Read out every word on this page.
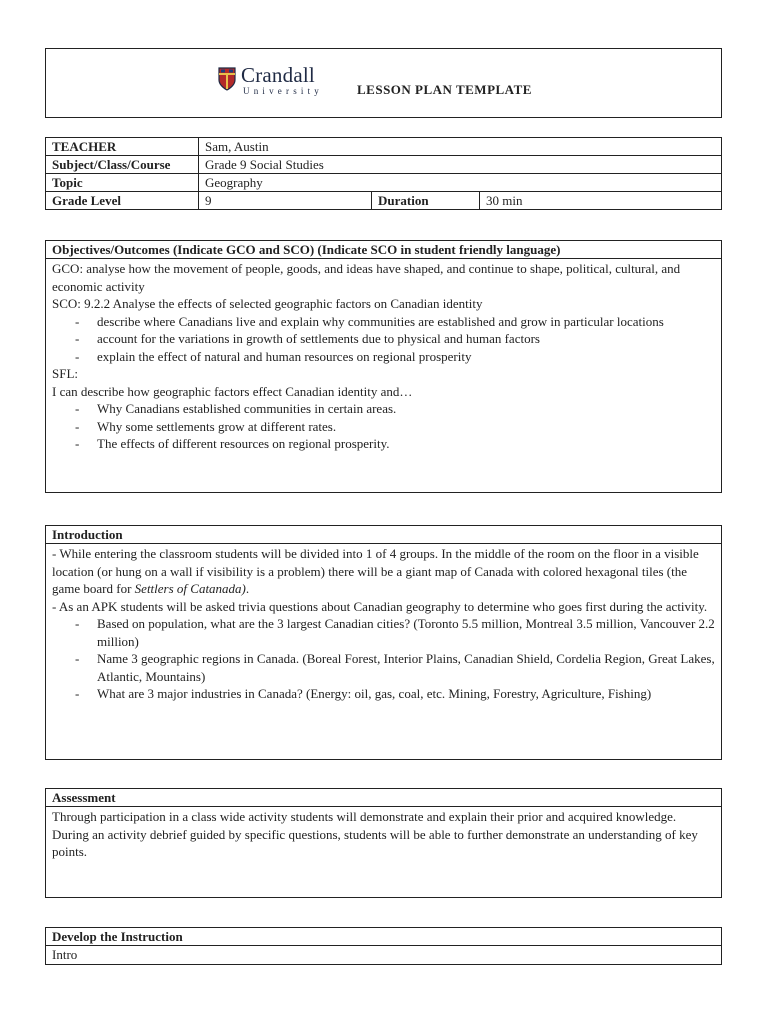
Crandall
University	LESSON PLAN TEMPLATE
TEACHER	Sam, Austin		
Subject/Class/Course	Grade 9 Social Studies		
Topic	Geography		
Grade Level	9	Duration	30 min
Objectives/Outcomes (Indicate GCO and SCO) (Indicate SCO in student friendly language)

GCO: analyse how the movement of people, goods, and ideas have shaped, and continue to shape, political, cultural, and economic activity

SCO: 9.2.2 Analyse the effects of selected geographic factors on Canadian identity

- describe where Canadians live and explain why communities are established and grow in particular locations
- account for the variations in growth of settlements due to physical and human factors
- explain the effect of natural and human resources on regional prosperity

SFL:

I can describe how geographic factors effect Canadian identity and…

- Why Canadians established communities in certain areas.
- Why some settlements grow at different rates.
- The effects of different resources on regional prosperity.
Introduction

- While entering the classroom students will be divided into 1 of 4 groups. In the middle of the room on the floor in a visible location (or hung on a wall if visibility is a problem) there will be a giant map of Canada with colored hexagonal tiles (the game board for Settlers of Catanada).

- As an APK students will be asked trivia questions about Canadian geography to determine who goes first during the activity.

- Based on population, what are the 3 largest Canadian cities? (Toronto 5.5 million, Montreal 3.5 million, Vancouver 2.2 million)
- Name 3 geographic regions in Canada. (Boreal Forest, Interior Plains, Canadian Shield, Cordelia Region, Great Lakes, Atlantic, Mountains)
- What are 3 major industries in Canada? (Energy: oil, gas, coal, etc. Mining, Forestry, Agriculture, Fishing)
Assessment

Through participation in a class wide activity students will demonstrate and explain their prior and acquired knowledge. During an activity debrief guided by specific questions, students will be able to further demonstrate an understanding of key points.

Develop the Instruction

Intro
